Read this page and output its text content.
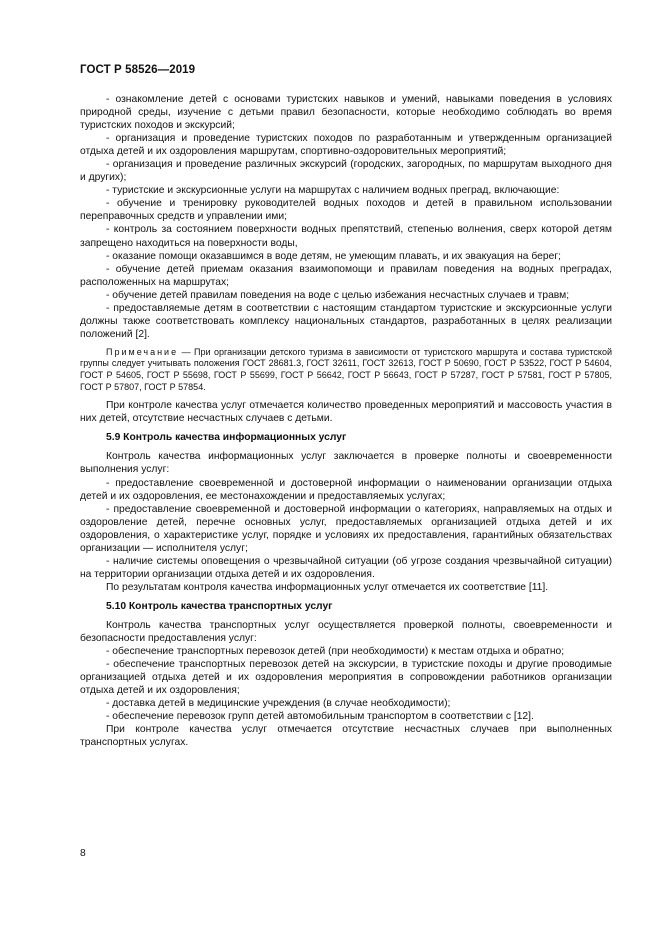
ГОСТ Р 58526—2019

- ознакомление детей с основами туристских навыков и умений, навыками поведения в условиях природной среды, изучение с детьми правил безопасности, которые необходимо соблюдать во время туристских походов и экскурсий;

- организация и проведение туристских походов по разработанным и утвержденным организацией отдыха детей и их оздоровления маршрутам, спортивно-оздоровительных мероприятий;

- организация и проведение различных экскурсий (городских, загородных, по маршрутам выходного дня и других);

- туристские и экскурсионные услуги на маршрутах с наличием водных преград, включающие:

- обучение и тренировку руководителей водных походов и детей в правильном использовании переправочных средств и управлении ими;

- контроль за состоянием поверхности водных препятствий, степенью волнения, сверх которой детям запрещено находиться на поверхности воды,

- оказание помощи оказавшимся в воде детям, не умеющим плавать, и их эвакуация на берег;

- обучение детей приемам оказания взаимопомощи и правилам поведения на водных преградах, расположенных на маршрутах;

- обучение детей правилам поведения на воде с целью избежания несчастных случаев и травм;

- предоставляемые детям в соответствии с настоящим стандартом туристские и экскурсионные услуги должны также соответствовать комплексу национальных стандартов, разработанных в целях реализации положений [2].

Примечание — При организации детского туризма в зависимости от туристского маршрута и состава туристской группы следует учитывать положения ГОСТ 28681.3, ГОСТ 32611, ГОСТ 32613, ГОСТ Р 50690, ГОСТ Р 53522, ГОСТ Р 54604, ГОСТ Р 54605, ГОСТ Р 55698, ГОСТ Р 55699, ГОСТ Р 56642, ГОСТ Р 56643, ГОСТ Р 57287, ГОСТ Р 57581, ГОСТ Р 57805, ГОСТ Р 57807, ГОСТ Р 57854.

При контроле качества услуг отмечается количество проведенных мероприятий и массовость участия в них детей, отсутствие несчастных случаев с детьми.

5.9 Контроль качества информационных услуг

Контроль качества информационных услуг заключается в проверке полноты и своевременности выполнения услуг:

- предоставление своевременной и достоверной информации о наименовании организации отдыха детей и их оздоровления, ее местонахождении и предоставляемых услугах;

- предоставление своевременной и достоверной информации о категориях, направляемых на отдых и оздоровление детей, перечне основных услуг, предоставляемых организацией отдыха детей и их оздоровления, о характеристике услуг, порядке и условиях их предоставления, гарантийных обязательствах организации — исполнителя услуг;

- наличие системы оповещения о чрезвычайной ситуации (об угрозе создания чрезвычайной ситуации) на территории организации отдыха детей и их оздоровления.

По результатам контроля качества информационных услуг отмечается их соответствие [11].

5.10 Контроль качества транспортных услуг

Контроль качества транспортных услуг осуществляется проверкой полноты, своевременности и безопасности предоставления услуг:

- обеспечение транспортных перевозок детей (при необходимости) к местам отдыха и обратно;

- обеспечение транспортных перевозок детей на экскурсии, в туристские походы и другие проводимые организацией отдыха детей и их оздоровления мероприятия в сопровождении работников организации отдыха детей и их оздоровления;

- доставка детей в медицинские учреждения (в случае необходимости);

- обеспечение перевозок групп детей автомобильным транспортом в соответствии с [12].

При контроле качества услуг отмечается отсутствие несчастных случаев при выполненных транспортных услугах.

8
